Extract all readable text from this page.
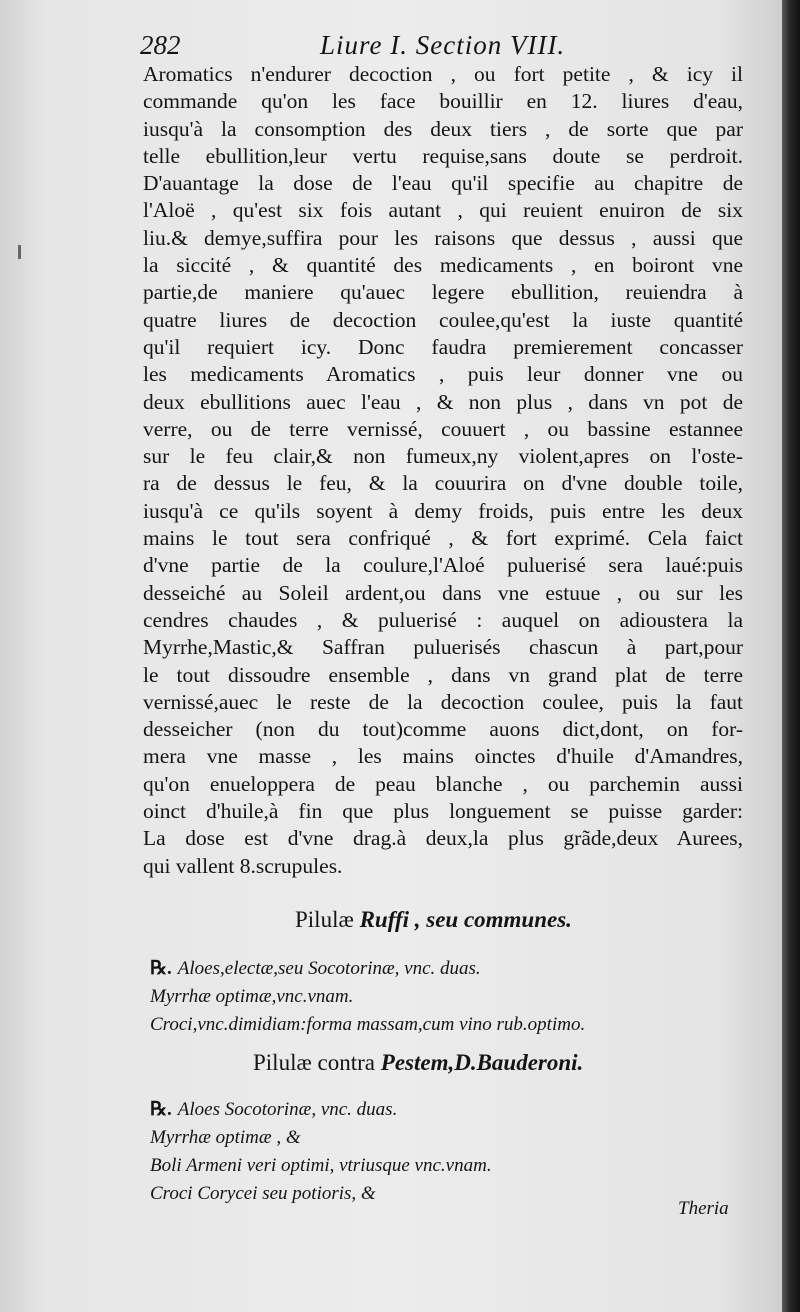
282	Liure I. Section VIII.
Aromatics n'endurer decoction , ou fort petite , & icy il
commande qu'on les face bouillir en 12. liures d'eau,
iusqu'à la consomption des deux tiers , de sorte que par
telle ebullition,leur vertu requise,sans doute se perdroit.
D'auantage la dose de l'eau qu'il specifie au chapitre de
l'Aloë , qu'est six fois autant , qui reuient enuiron de six
liu.& demye,suffira pour les raisons que dessus , aussi que
la siccité , & quantité des medicaments , en boiront vne
partie,de maniere qu'auec legere ebullition, reuiendra à
quatre liures de decoction coulee,qu'est la iuste quantité
qu'il requiert icy. Donc faudra premierement concasser
les medicaments Aromatics , puis leur donner vne ou
deux ebullitions auec l'eau , & non plus , dans vn pot de
verre, ou de terre vernissé, couuert , ou bassine estannee
sur le feu clair,& non fumeux,ny violent,apres on l'oste-
ra de dessus le feu, & la couurira on d'vne double toile,
iusqu'à ce qu'ils soyent à demy froids, puis entre les deux
mains le tout sera confriqué , & fort exprimé. Cela faict
d'vne partie de la coulure,l'Aloé puluerisé sera laué:puis
desseiché au Soleil ardent,ou dans vne estuue , ou sur les
cendres chaudes , & puluerisé : auquel on adioustera la
Myrrhe,Mastic,& Saffran puluerisés chascun à part,pour
le tout dissoudre ensemble , dans vn grand plat de terre
vernissé,auec le reste de la decoction coulee, puis la faut
desseicher (non du tout)comme auons dict,dont, on for-
mera vne masse , les mains oinctes d'huile d'Amandres,
qu'on enueloppera de peau blanche , ou parchemin aussi
oinct d'huile,à fin que plus longuement se puisse garder:
La dose est d'vne drag.à deux,la plus grãde,deux Aurees,
qui vallent 8.scrupules.
Pilulæ Ruffi , seu communes.
℞. Aloes,electæ,seu Socotorinæ, vnc. duas.
Myrrhæ optimæ,vnc.vnam.
Croci,vnc.dimidiam:forma massam,cum vino rub.optimo.
Pilulæ contra Pestem,D.Bauderoni.
℞. Aloes Socotorinæ, vnc. duas.
Myrrhæ optimæ , &
Boli Armeni veri optimi, vtriusque vnc.vnam.
Croci Corycei seu potioris, &
Theria
